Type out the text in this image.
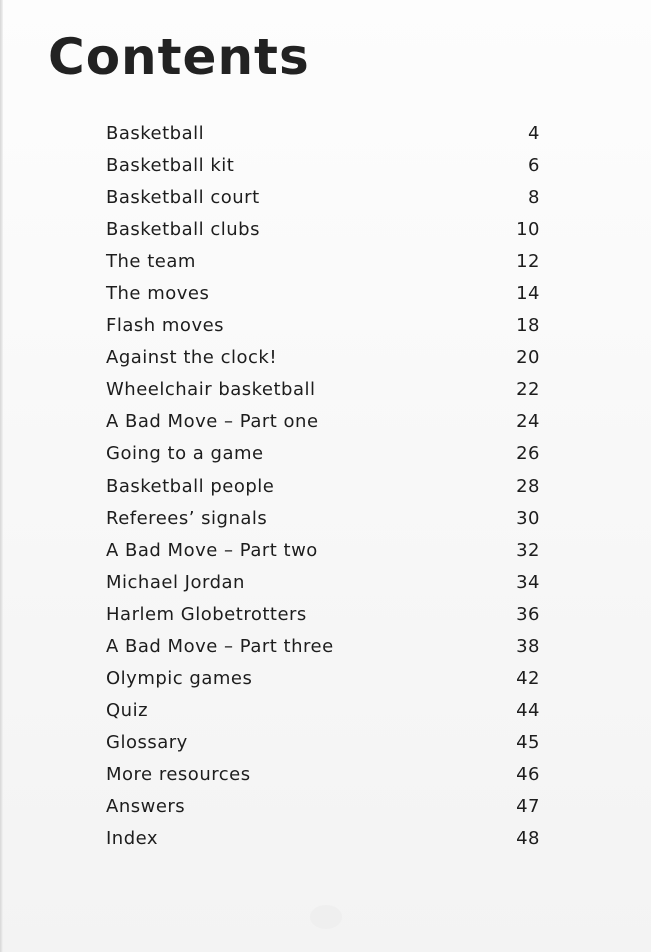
Contents
Basketball	4
Basketball kit	6
Basketball court	8
Basketball clubs	10
The team	12
The moves	14
Flash moves	18
Against the clock!	20
Wheelchair basketball	22
A Bad Move – Part one	24
Going to a game	26
Basketball people	28
Referees’ signals	30
A Bad Move – Part two	32
Michael Jordan	34
Harlem Globetrotters	36
A Bad Move – Part three	38
Olympic games	42
Quiz	44
Glossary	45
More resources	46
Answers	47
Index	48
